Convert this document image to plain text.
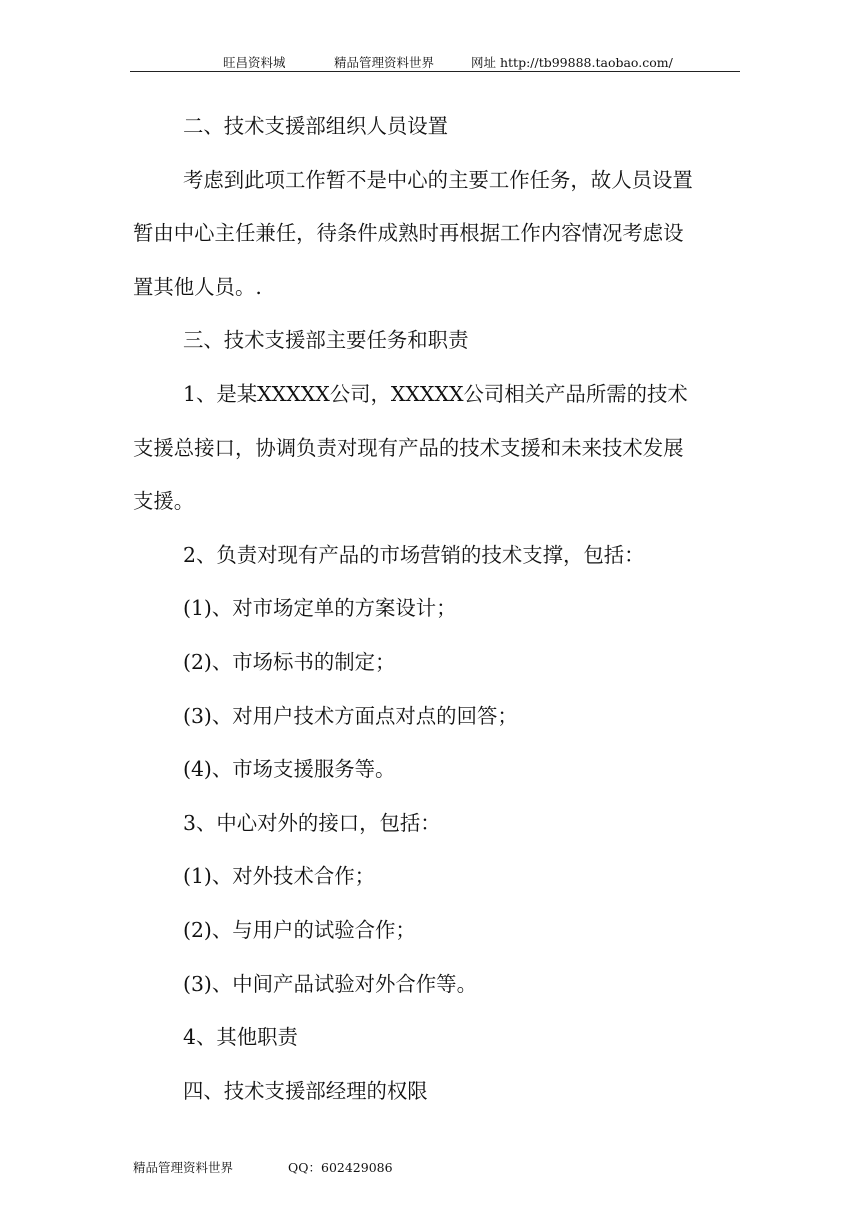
旺昌资料城	精品管理资料世界	网址 http://tb99888.taobao.com/
二、技术支援部组织人员设置
考虑到此项工作暂不是中心的主要工作任务，故人员设置
暂由中心主任兼任，待条件成熟时再根据工作内容情况考虑设
置其他人员。.
三、技术支援部主要任务和职责
1、是某XXXXX公司，XXXXX公司相关产品所需的技术
支援总接口，协调负责对现有产品的技术支援和未来技术发展
支援。
2、负责对现有产品的市场营销的技术支撑，包括：
(1)、对市场定单的方案设计；
(2)、市场标书的制定；
(3)、对用户技术方面点对点的回答；
(4)、市场支援服务等。
3、中心对外的接口，包括：
(1)、对外技术合作；
(2)、与用户的试验合作；
(3)、中间产品试验对外合作等。
4、其他职责
四、技术支援部经理的权限
精品管理资料世界	QQ：602429086
